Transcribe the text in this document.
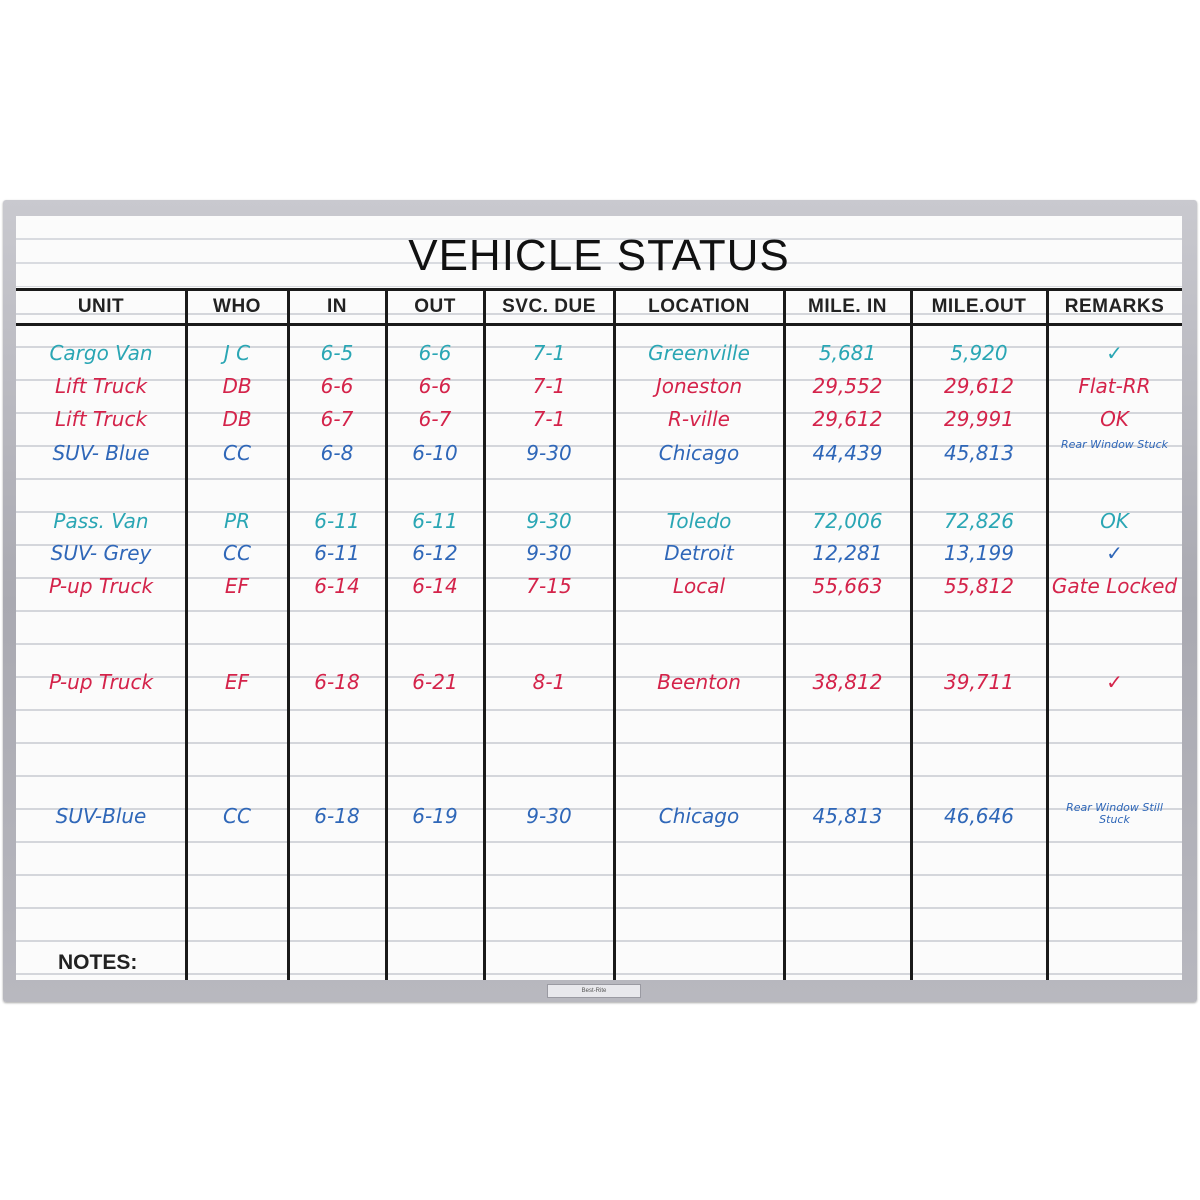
VEHICLE STATUS
UNIT	WHO	IN	OUT	SVC. DUE	LOCATION	MILE. IN	MILE.OUT	REMARKS
Cargo Van	J C	6-5	6-6	7-1	Greenville	5,681	5,920	✓
Lift Truck	DB	6-6	6-6	7-1	Joneston	29,552	29,612	Flat-RR
Lift Truck	DB	6-7	6-7	7-1	R-ville	29,612	29,991	OK
SUV- Blue	CC	6-8	6-10	9-30	Chicago	44,439	45,813	Rear Window Stuck
Pass. Van	PR	6-11	6-11	9-30	Toledo	72,006	72,826	OK
SUV- Grey	CC	6-11	6-12	9-30	Detroit	12,281	13,199	✓
P-up Truck	EF	6-14	6-14	7-15	Local	55,663	55,812	Gate Locked
P-up Truck	EF	6-18	6-21	8-1	Beenton	38,812	39,711	✓
SUV-Blue	CC	6-18	6-19	9-30	Chicago	45,813	46,646	Rear Window Still Stuck
NOTES:
Best-Rite
